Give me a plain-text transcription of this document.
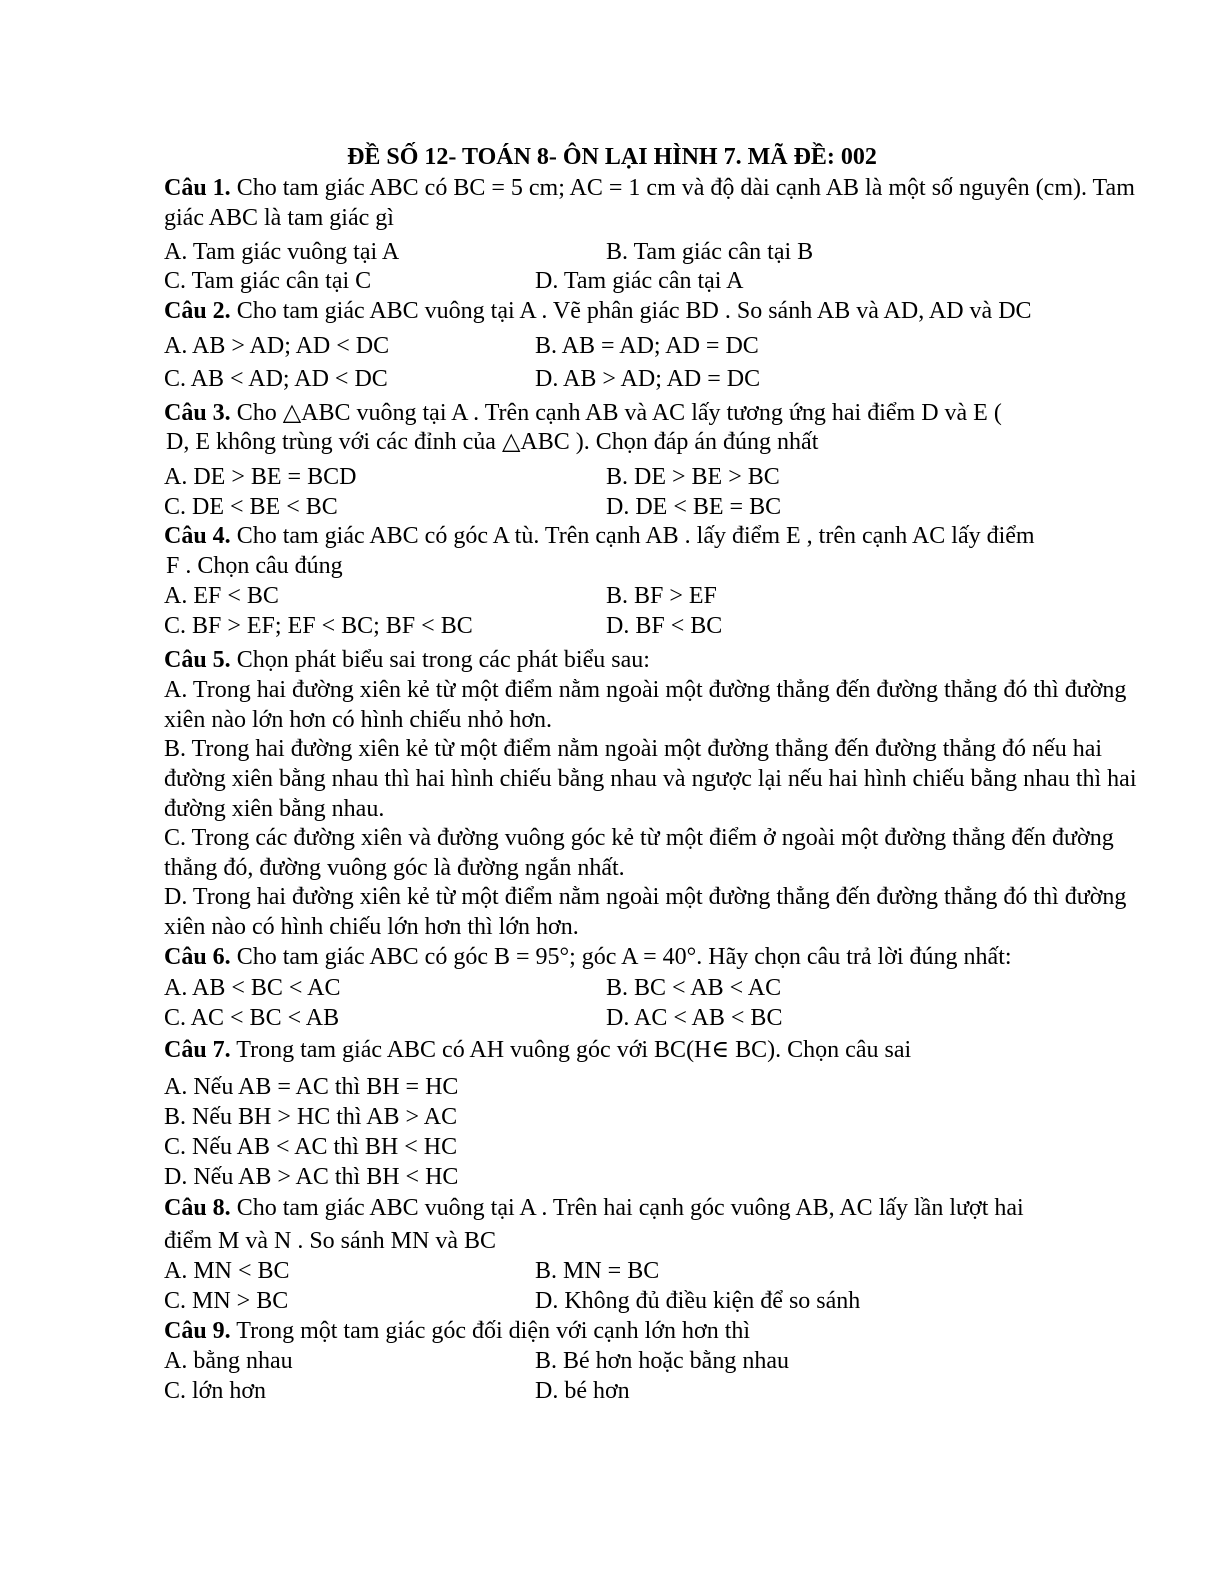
ĐỀ SỐ 12- TOÁN 8- ÔN LẠI HÌNH 7. MÃ ĐỀ: 002
Câu 1. Cho tam giác ABC có BC = 5 cm; AC = 1 cm và độ dài cạnh AB là một số nguyên (cm). Tam giác ABC là tam giác gì
A. Tam giác vuông tại A	B. Tam giác cân tại B
C. Tam giác cân tại C	D. Tam giác cân tại A
Câu 2. Cho tam giác ABC vuông tại A . Vẽ phân giác BD . So sánh AB và AD, AD và DC
A. AB > AD; AD < DC	B. AB = AD; AD = DC
C. AB < AD; AD < DC	D. AB > AD; AD = DC
Câu 3. Cho △ABC vuông tại A . Trên cạnh AB và AC lấy tương ứng hai điểm D và E (
D, E không trùng với các đỉnh của △ABC ). Chọn đáp án đúng nhất
A. DE > BE = BCD	B. DE > BE > BC
C. DE < BE < BC	D. DE < BE = BC
Câu 4. Cho tam giác ABC có góc A tù. Trên cạnh AB . lấy điểm E , trên cạnh AC lấy điểm
F . Chọn câu đúng
A. EF < BC	B. BF > EF
C. BF > EF; EF < BC; BF < BC	D. BF < BC
Câu 5. Chọn phát biểu sai trong các phát biểu sau:
A. Trong hai đường xiên kẻ từ một điểm nằm ngoài một đường thẳng đến đường thẳng đó thì đường xiên nào lớn hơn có hình chiếu nhỏ hơn.
B. Trong hai đường xiên kẻ từ một điểm nằm ngoài một đường thẳng đến đường thẳng đó nếu hai đường xiên bằng nhau thì hai hình chiếu bằng nhau và ngược lại nếu hai hình chiếu bằng nhau thì hai đường xiên bằng nhau.
C. Trong các đường xiên và đường vuông góc kẻ từ một điểm ở ngoài một đường thẳng đến đường thẳng đó, đường vuông góc là đường ngắn nhất.
D. Trong hai đường xiên kẻ từ một điểm nằm ngoài một đường thẳng đến đường thẳng đó thì đường xiên nào có hình chiếu lớn hơn thì lớn hơn.
Câu 6. Cho tam giác ABC có góc B = 95°; góc A = 40°. Hãy chọn câu trả lời đúng nhất:
A. AB < BC < AC	B. BC < AB < AC
C. AC < BC < AB	D. AC < AB < BC
Câu 7. Trong tam giác ABC có AH vuông góc với BC(H∈ BC). Chọn câu sai
A. Nếu AB = AC thì BH = HC
B. Nếu BH > HC thì AB > AC
C. Nếu AB < AC thì BH < HC
D. Nếu AB > AC thì BH < HC
Câu 8. Cho tam giác ABC vuông tại A . Trên hai cạnh góc vuông AB, AC lấy lần lượt hai
điểm M và N . So sánh MN và BC
A. MN < BC	B. MN = BC
C. MN > BC	D. Không đủ điều kiện để so sánh
Câu 9. Trong một tam giác góc đối diện với cạnh lớn hơn thì
A. bằng nhau	B. Bé hơn hoặc bằng nhau
C. lớn hơn	D. bé hơn
